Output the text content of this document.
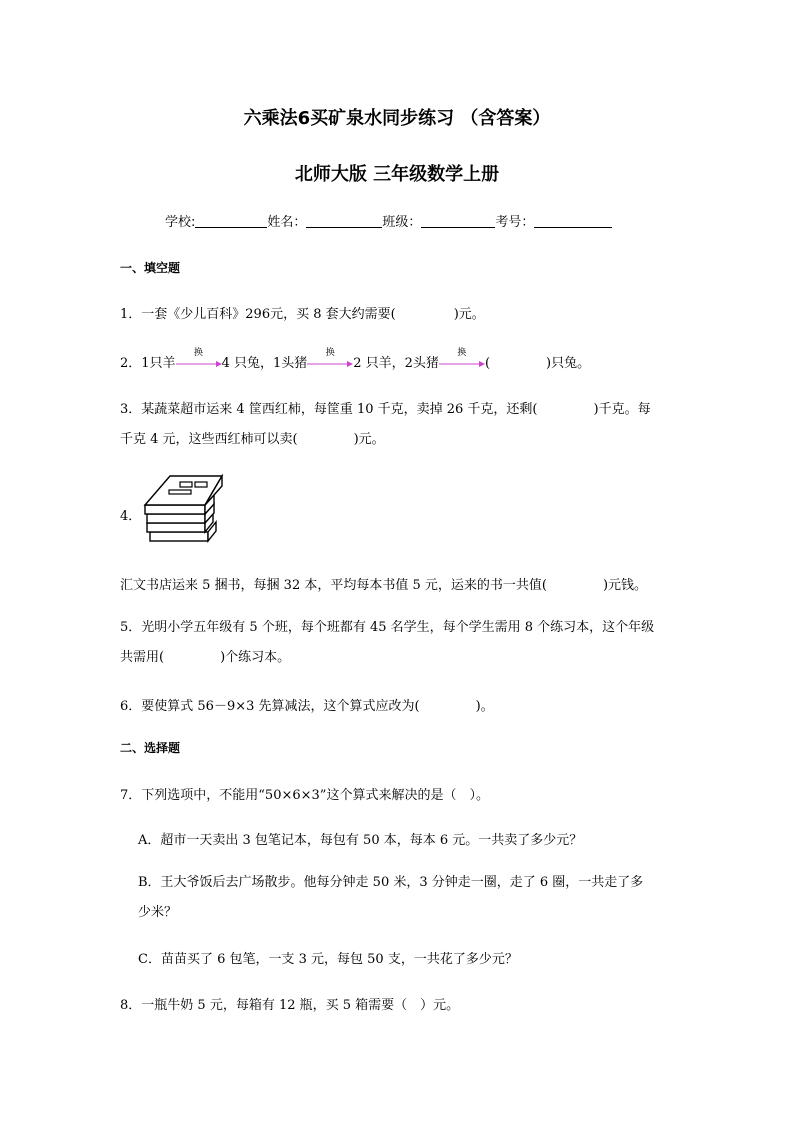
六乘法6买矿泉水同步练习 （含答案）
北师大版 三年级数学上册
学校:	姓名：	班级：	考号：
一、填空题
1．一套《少儿百科》296元，买 8 套大约需要(	)元。
2．1只羊
换
4 只兔，1头猪
换
2 只羊，2头猪
换
(	)只兔。
3．某蔬菜超市运来 4 筐西红柿，每筐重 10 千克，卖掉 26 千克，还剩(	)千克。每
千克 4 元，这些西红柿可以卖(	)元。
4．
汇文书店运来 5 捆书，每捆 32 本，平均每本书值 5 元，运来的书一共值(	)元钱。
5．光明小学五年级有 5 个班，每个班都有 45 名学生，每个学生需用 8 个练习本，这个年级
共需用(	)个练习本。
6．要使算式 56－9×3 先算减法，这个算式应改为(	)。
二、选择题
7．下列选项中，不能用“50×6×3”这个算式来解决的是（　）。
A．超市一天卖出 3 包笔记本，每包有 50 本，每本 6 元。一共卖了多少元？
B．王大爷饭后去广场散步。他每分钟走 50 米，3 分钟走一圈，走了 6 圈，一共走了多
少米？
C．苗苗买了 6 包笔，一支 3 元，每包 50 支，一共花了多少元？
8．一瓶牛奶 5 元，每箱有 12 瓶，买 5 箱需要（　）元。
